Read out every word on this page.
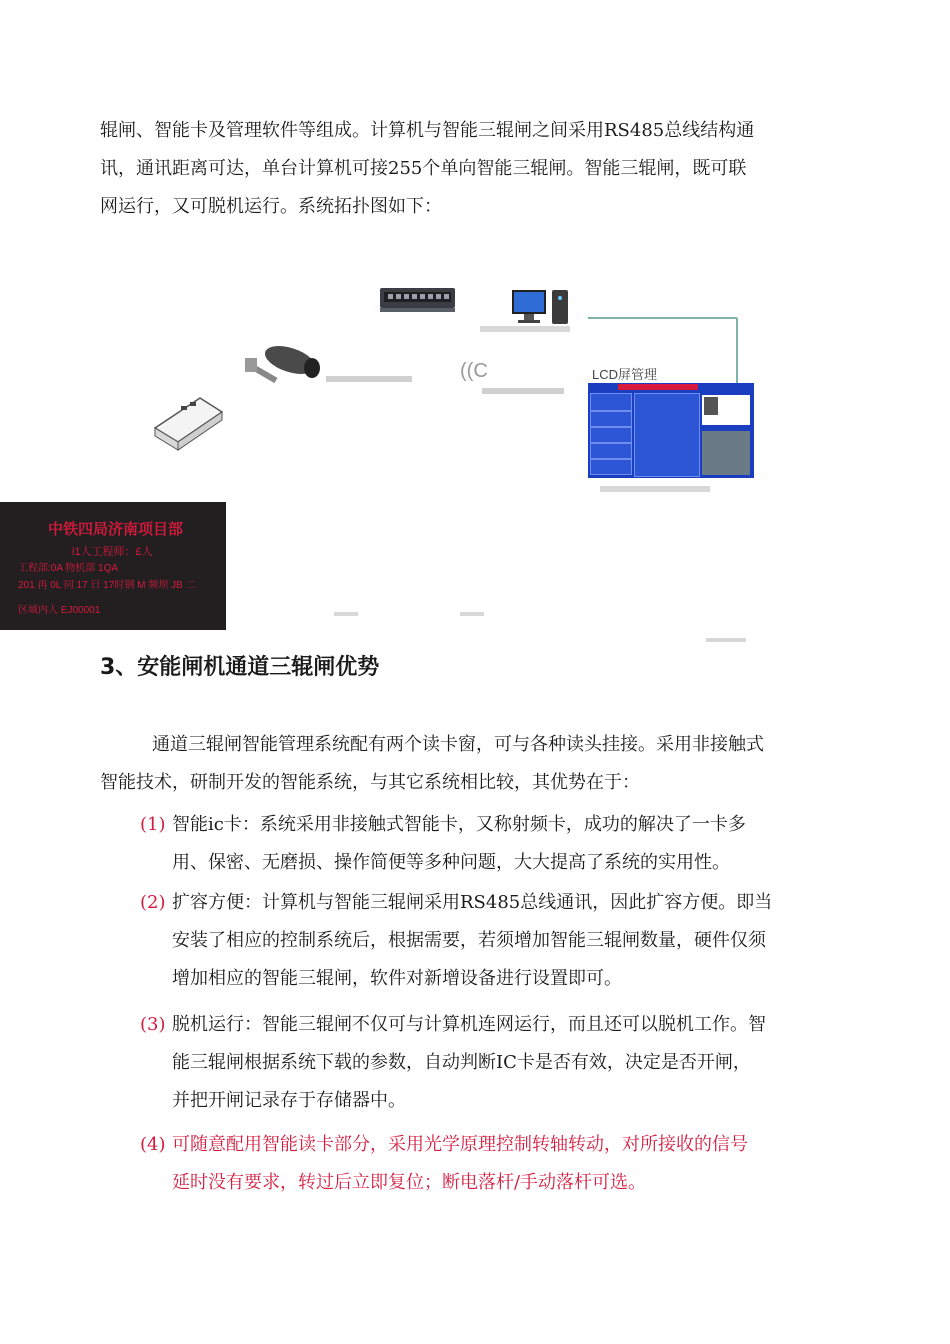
辊闸、智能卡及管理软件等组成。计算机与智能三辊闸之间采用RS485总线结构通
讯，通讯距离可达，单台计算机可接255个单向智能三辊闸。智能三辊闸，既可联
网运行，又可脱机运行。系统拓扑图如下：
LCD屏管理
((C
中铁四局济南项目部
i1人工程师：£人
工程部:0A 物机部 1QA
201 再 0L 同 17 日 17时钢 M 频坝 JB 二
区域内人 EJ00001
3、安能闸机通道三辊闸优势
通道三辊闸智能管理系统配有两个读卡窗，可与各种读头挂接。采用非接触式
智能技术，研制开发的智能系统，与其它系统相比较，其优势在于：
(1) 智能ic卡：系统采用非接触式智能卡，又称射频卡，成功的解决了一卡多
用、保密、无磨损、操作简便等多种问题，大大提高了系统的实用性。
(2) 扩容方便：计算机与智能三辊闸采用RS485总线通讯，因此扩容方便。即当
安装了相应的控制系统后，根据需要，若须增加智能三辊闸数量，硬件仅须
增加相应的智能三辊闸，软件对新增设备进行设置即可。
(3) 脱机运行：智能三辊闸不仅可与计算机连网运行，而且还可以脱机工作。智
能三辊闸根据系统下载的参数，自动判断IC卡是否有效，决定是否开闸，
并把开闸记录存于存储器中。
(4) 可随意配用智能读卡部分，采用光学原理控制转轴转动，对所接收的信号
延时没有要求，转过后立即复位；断电落杆/手动落杆可选。
